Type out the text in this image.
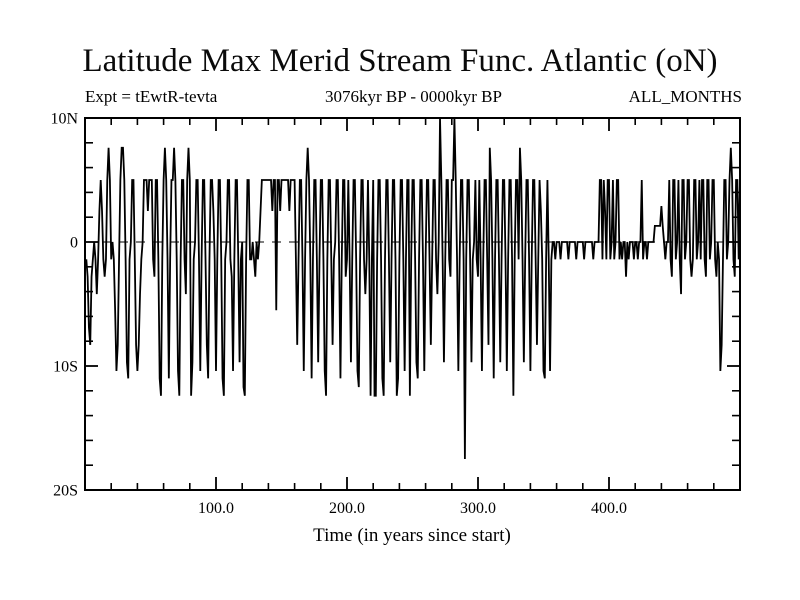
Latitude Max Merid Stream Func. Atlantic (oN)
Expt = tEwtR-tevta	3076kyr BP - 0000kyr BP	ALL_MONTHS
100.0	200.0	300.0	400.0
10N
0
10S
20S
Time (in years since start)
